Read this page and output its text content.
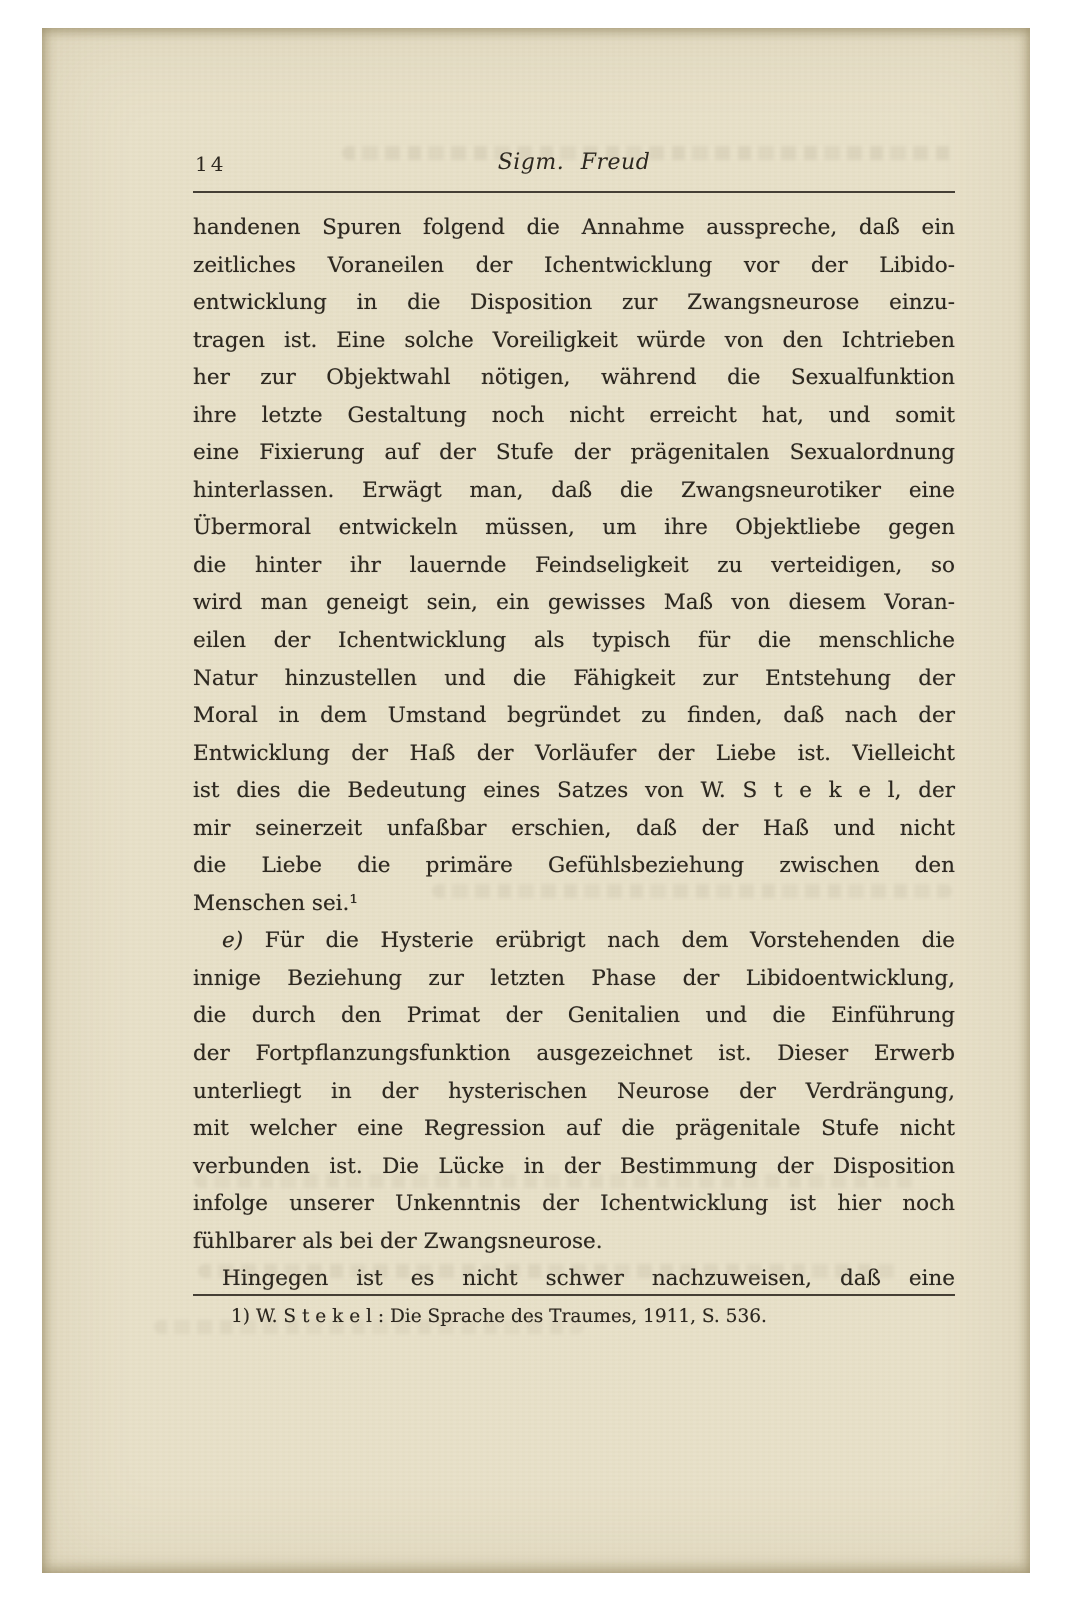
14	Sigm. Freud
handenen Spuren folgend die Annahme ausspreche, daß ein
zeitliches Voraneilen der Ichentwicklung vor der Libido-
entwicklung in die Disposition zur Zwangsneurose einzu-
tragen ist. Eine solche Voreiligkeit würde von den Ichtrieben
her zur Objektwahl nötigen, während die Sexualfunktion
ihre letzte Gestaltung noch nicht erreicht hat, und somit
eine Fixierung auf der Stufe der prägenitalen Sexualordnung
hinterlassen. Erwägt man, daß die Zwangsneurotiker eine
Übermoral entwickeln müssen, um ihre Objektliebe gegen
die hinter ihr lauernde Feindseligkeit zu verteidigen, so
wird man geneigt sein, ein gewisses Maß von diesem Voran-
eilen der Ichentwicklung als typisch für die menschliche
Natur hinzustellen und die Fähigkeit zur Entstehung der
Moral in dem Umstand begründet zu finden, daß nach der
Entwicklung der Haß der Vorläufer der Liebe ist. Vielleicht
ist dies die Bedeutung eines Satzes von W. S t e k e l, der
mir seinerzeit unfaßbar erschien, daß der Haß und nicht
die Liebe die primäre Gefühlsbeziehung zwischen den
Menschen sei.¹
e) Für die Hysterie erübrigt nach dem Vorstehenden die
innige Beziehung zur letzten Phase der Libidoentwicklung,
die durch den Primat der Genitalien und die Einführung
der Fortpflanzungsfunktion ausgezeichnet ist. Dieser Erwerb
unterliegt in der hysterischen Neurose der Verdrängung,
mit welcher eine Regression auf die prägenitale Stufe nicht
verbunden ist. Die Lücke in der Bestimmung der Disposition
infolge unserer Unkenntnis der Ichentwicklung ist hier noch
fühlbarer als bei der Zwangsneurose.
Hingegen ist es nicht schwer nachzuweisen, daß eine
1) W. S t e k e l : Die Sprache des Traumes, 1911, S. 536.
